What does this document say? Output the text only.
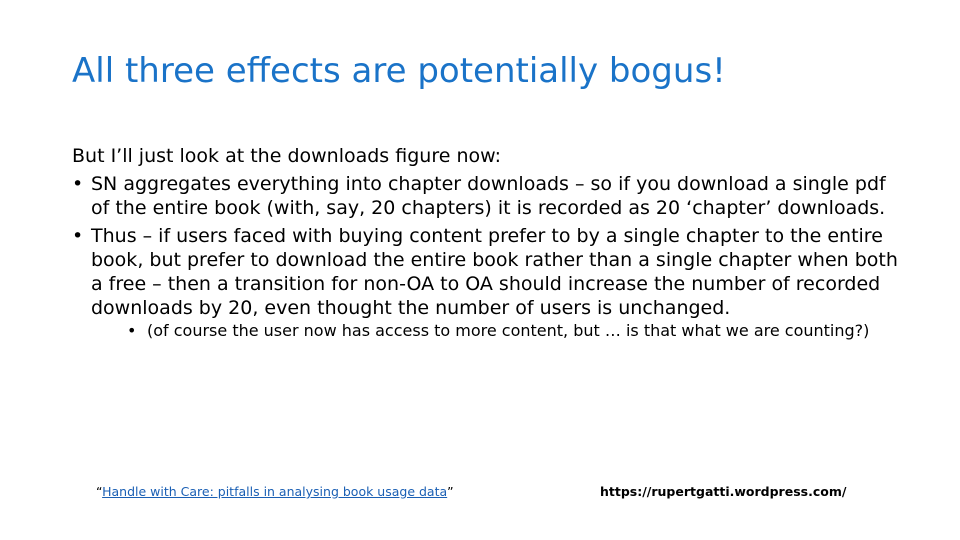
All three effects are potentially bogus!

But I’ll just look at the downloads figure now:

• SN aggregates everything into chapter downloads – so if you download a single pdf of the entire book (with, say, 20 chapters) it is recorded as 20 ‘chapter’ downloads.
• Thus – if users faced with buying content prefer to by a single chapter to the entire book, but prefer to download the entire book rather than a single chapter when both a free – then a transition for non-OA to OA should increase the number of recorded downloads by 20, even thought the number of users is unchanged.
• (of course the user now has access to more content, but … is that what we are counting?)
“Handle with Care: pitfalls in analysing book usage data”	https://rupertgatti.wordpress.com/
